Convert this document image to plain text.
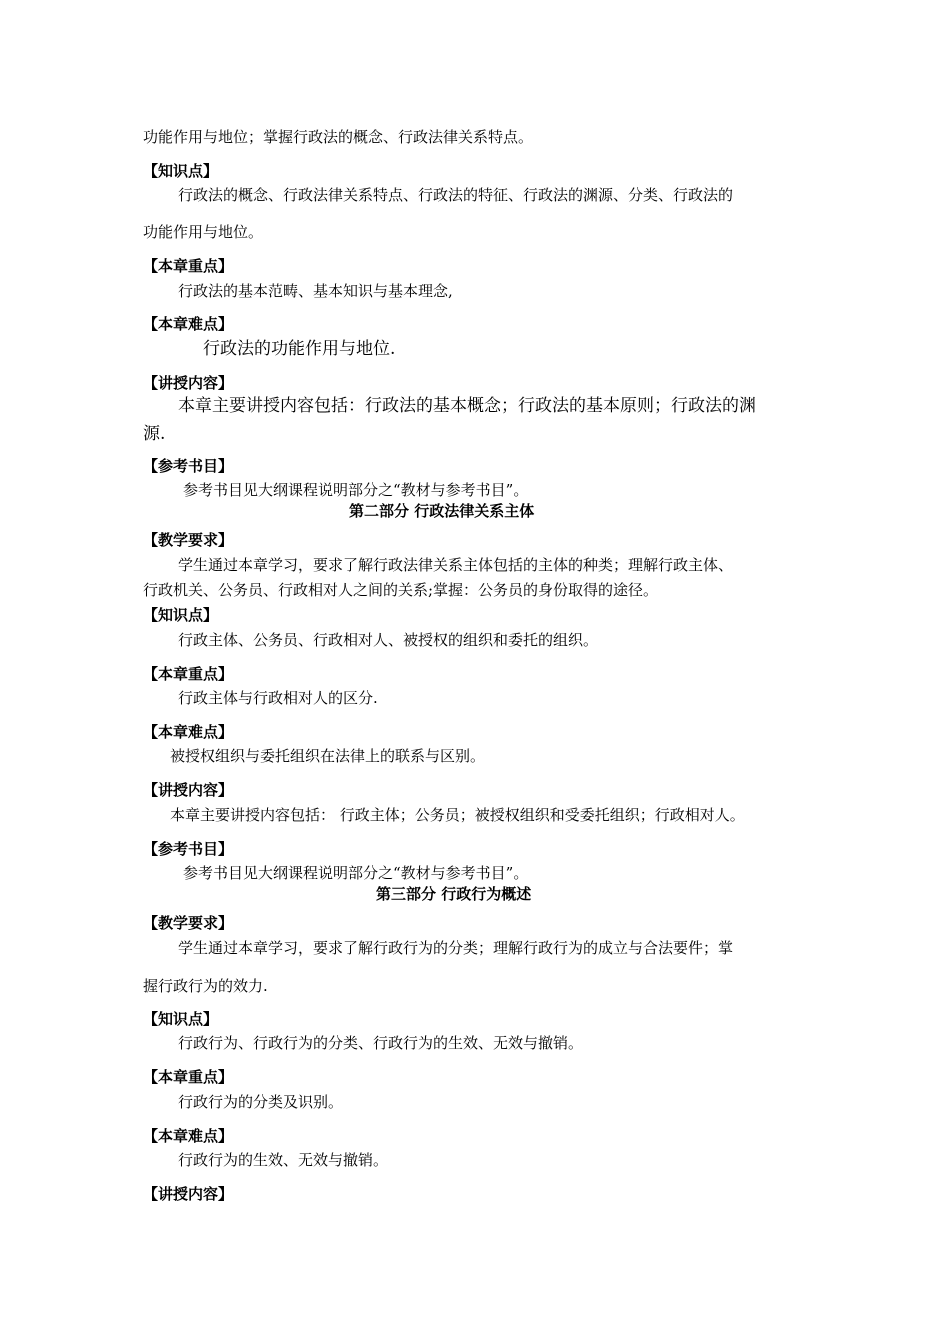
功能作用与地位；掌握行政法的概念、行政法律关系特点。
【知识点】
行政法的概念、行政法律关系特点、行政法的特征、行政法的渊源、分类、行政法的
功能作用与地位。
【本章重点】
行政法的基本范畴、基本知识与基本理念,
【本章难点】
行政法的功能作用与地位.
【讲授内容】
本章主要讲授内容包括：行政法的基本概念；行政法的基本原则；行政法的渊
源.
【参考书目】
参考书目见大纲课程说明部分之“教材与参考书目”。
第二部分 行政法律关系主体
【教学要求】
学生通过本章学习，要求了解行政法律关系主体包括的主体的种类；理解行政主体、
行政机关、公务员、行政相对人之间的关系;掌握：公务员的身份取得的途径。
【知识点】
行政主体、公务员、行政相对人、被授权的组织和委托的组织。
【本章重点】
行政主体与行政相对人的区分.
【本章难点】
被授权组织与委托组织在法律上的联系与区别。
【讲授内容】
本章主要讲授内容包括： 行政主体；公务员；被授权组织和受委托组织；行政相对人。
【参考书目】
参考书目见大纲课程说明部分之“教材与参考书目”。
第三部分 行政行为概述
【教学要求】
学生通过本章学习，要求了解行政行为的分类；理解行政行为的成立与合法要件；掌
握行政行为的效力.
【知识点】
行政行为、行政行为的分类、行政行为的生效、无效与撤销。
【本章重点】
行政行为的分类及识别。
【本章难点】
行政行为的生效、无效与撤销。
【讲授内容】
